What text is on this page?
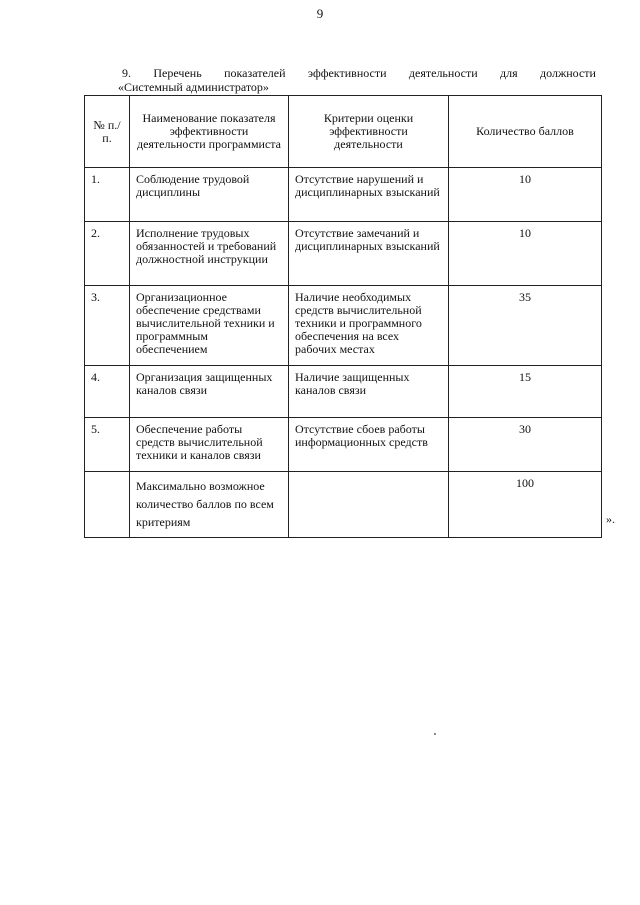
9
9. Перечень показателей эффективности деятельности для должности
«Системный администратор»
№ п./п.	Наименование показателя эффективности деятельности программиста	Критерии оценки эффективности деятельности	Количество баллов
1.	Соблюдение трудовой дисциплины	Отсутствие нарушений и дисциплинарных взысканий	10
2.	Исполнение трудовых обязанностей и требований должностной инструкции	Отсутствие замечаний и дисциплинарных взысканий	10
3.	Организационное обеспечение средствами вычислительной техники и программным обеспечением	Наличие необходимых средств вычислительной техники и программного обеспечения на всех рабочих местах	35
4.	Организация защищенных каналов связи	Наличие защищенных каналов связи	15
5.	Обеспечение работы средств вычислительной техники и каналов связи	Отсутствие сбоев работы информационных средств	30
	Максимально возможное количество баллов по всем критериям		100
».
